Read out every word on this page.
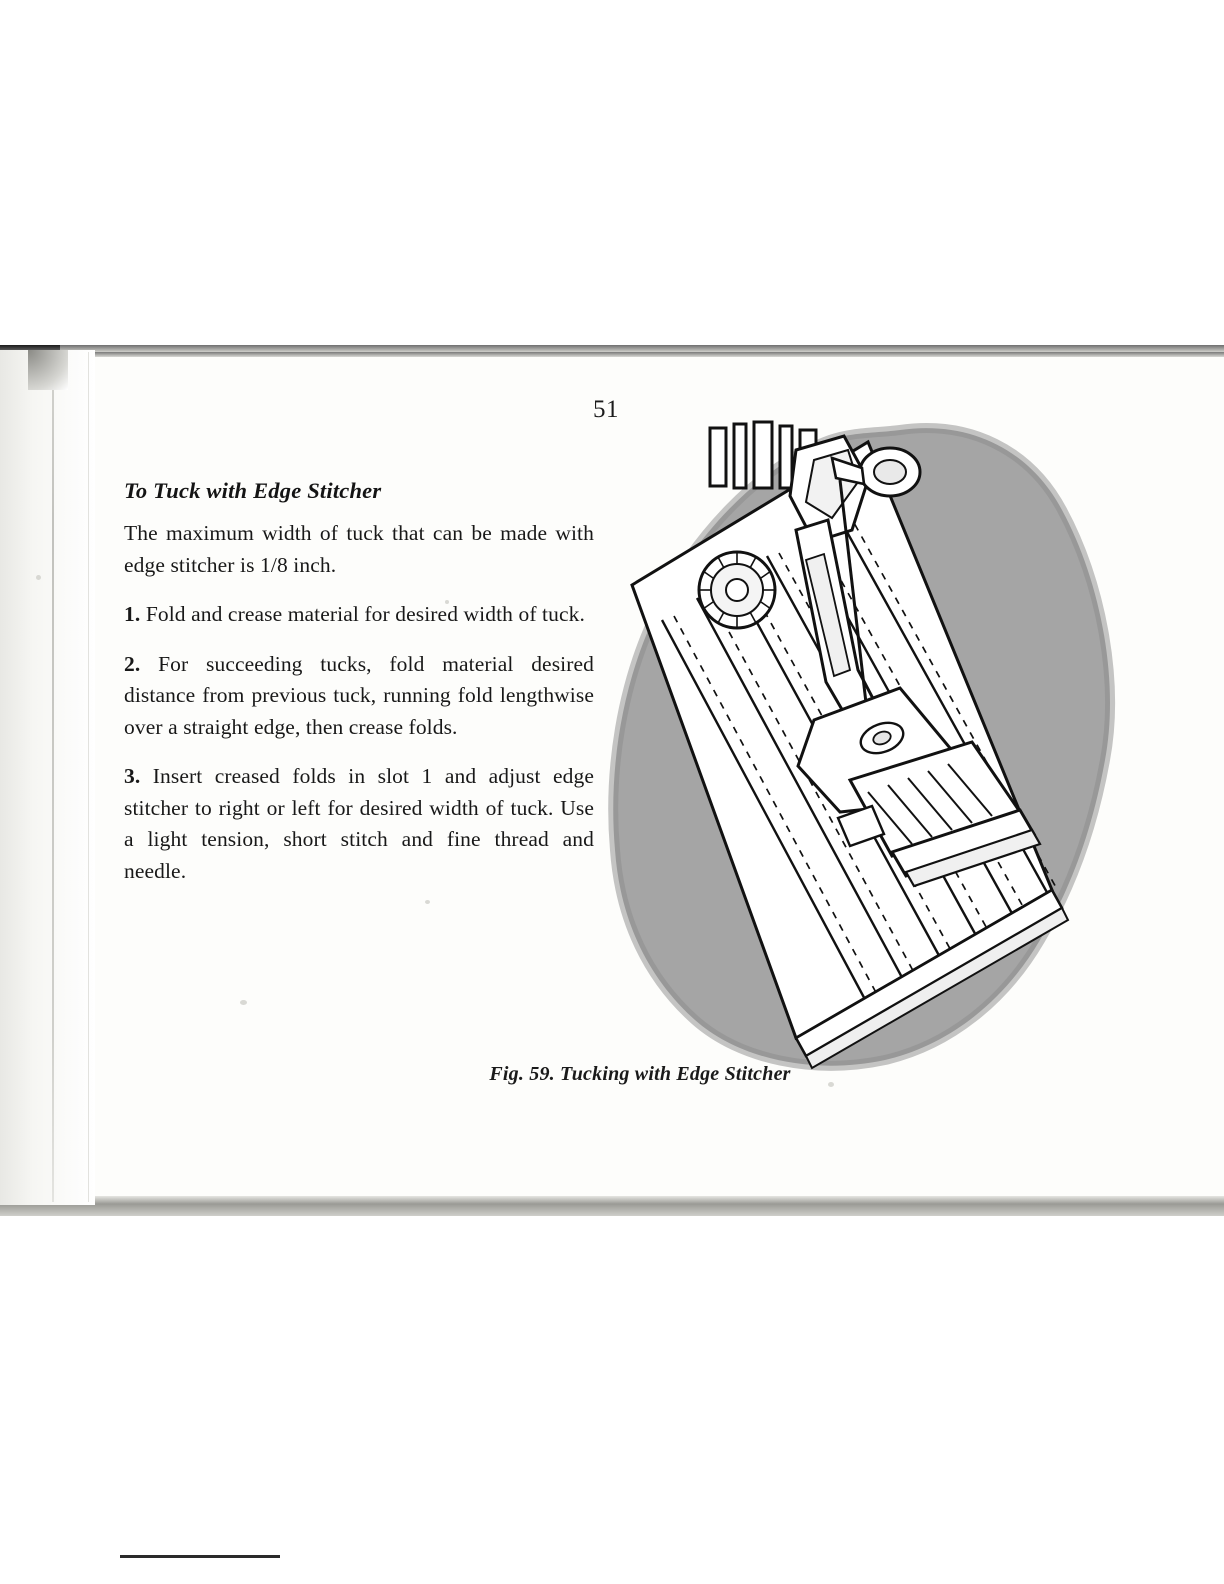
51
To Tuck with Edge Stitcher

The maximum width of tuck that can be made with edge stitcher is 1/8 inch.

1. Fold and crease material for desired width of tuck.

2. For succeeding tucks, fold material desired distance from previous tuck, running fold lengthwise over a straight edge, then crease folds.

3. Insert creased folds in slot 1 and adjust edge stitcher to right or left for desired width of tuck. Use a light tension, short stitch and fine thread and needle.

Fig. 59. Tucking with Edge Stitcher
